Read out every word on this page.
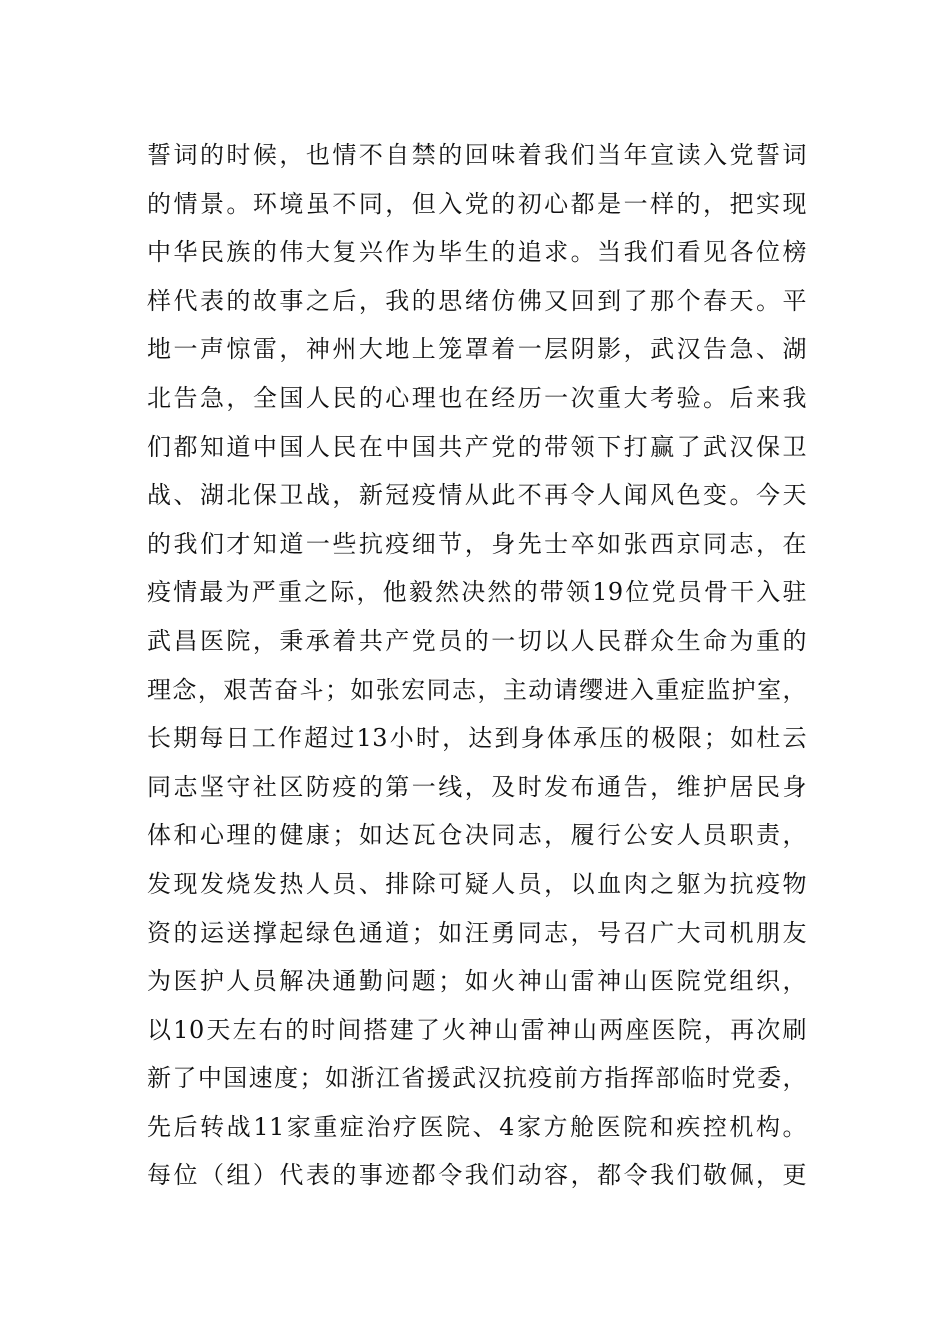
誓词的时候，也情不自禁的回味着我们当年宣读入党誓词
的情景。环境虽不同，但入党的初心都是一样的，把实现
中华民族的伟大复兴作为毕生的追求。当我们看见各位榜
样代表的故事之后，我的思绪仿佛又回到了那个春天。平
地一声惊雷，神州大地上笼罩着一层阴影，武汉告急、湖
北告急，全国人民的心理也在经历一次重大考验。后来我
们都知道中国人民在中国共产党的带领下打赢了武汉保卫
战、湖北保卫战，新冠疫情从此不再令人闻风色变。今天
的我们才知道一些抗疫细节，身先士卒如张西京同志，在
疫情最为严重之际，他毅然决然的带领19位党员骨干入驻
武昌医院，秉承着共产党员的一切以人民群众生命为重的
理念，艰苦奋斗；如张宏同志，主动请缨进入重症监护室，
长期每日工作超过13小时，达到身体承压的极限；如杜云
同志坚守社区防疫的第一线，及时发布通告，维护居民身
体和心理的健康；如达瓦仓决同志，履行公安人员职责，
发现发烧发热人员、排除可疑人员，以血肉之躯为抗疫物
资的运送撑起绿色通道；如汪勇同志，号召广大司机朋友
为医护人员解决通勤问题；如火神山雷神山医院党组织，
以10天左右的时间搭建了火神山雷神山两座医院，再次刷
新了中国速度；如浙江省援武汉抗疫前方指挥部临时党委，
先后转战11家重症治疗医院、4家方舱医院和疾控机构。
每位（组）代表的事迹都令我们动容，都令我们敬佩，更
